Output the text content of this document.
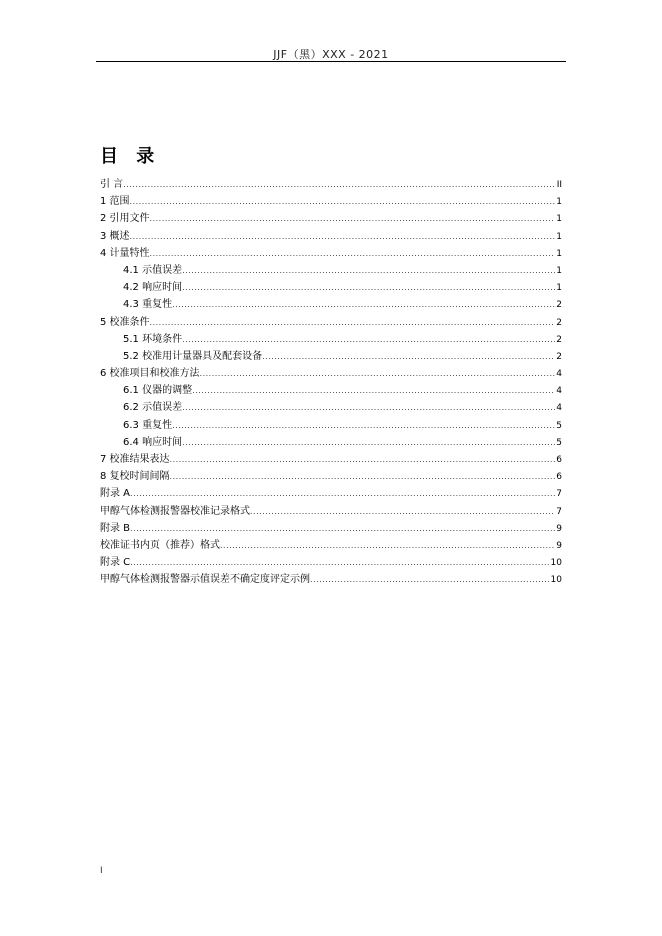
JJF（黑）XXX - 2021
目 录
引 言 .....	II
1 范围 .....	1
2 引用文件 .....	1
3 概述 .....	1
4 计量特性 .....	1
4.1 示值误差 .....	1
4.2 响应时间 .....	1
4.3 重复性 .....	2
5 校准条件 .....	2
5.1 环境条件 .....	2
5.2 校准用计量器具及配套设备 .....	2
6 校准项目和校准方法 .....	4
6.1 仪器的调整 .....	4
6.2 示值误差 .....	4
6.3 重复性 .....	5
6.4 响应时间 .....	5
7 校准结果表达 .....	6
8 复校时间间隔 .....	6
附录 A .....	7
甲醇气体检测报警器校准记录格式 .....	7
附录 B .....	9
校准证书内页（推荐）格式 .....	9
附录 C .....	10
甲醇气体检测报警器示值误差不确定度评定示例 .....	10
I
